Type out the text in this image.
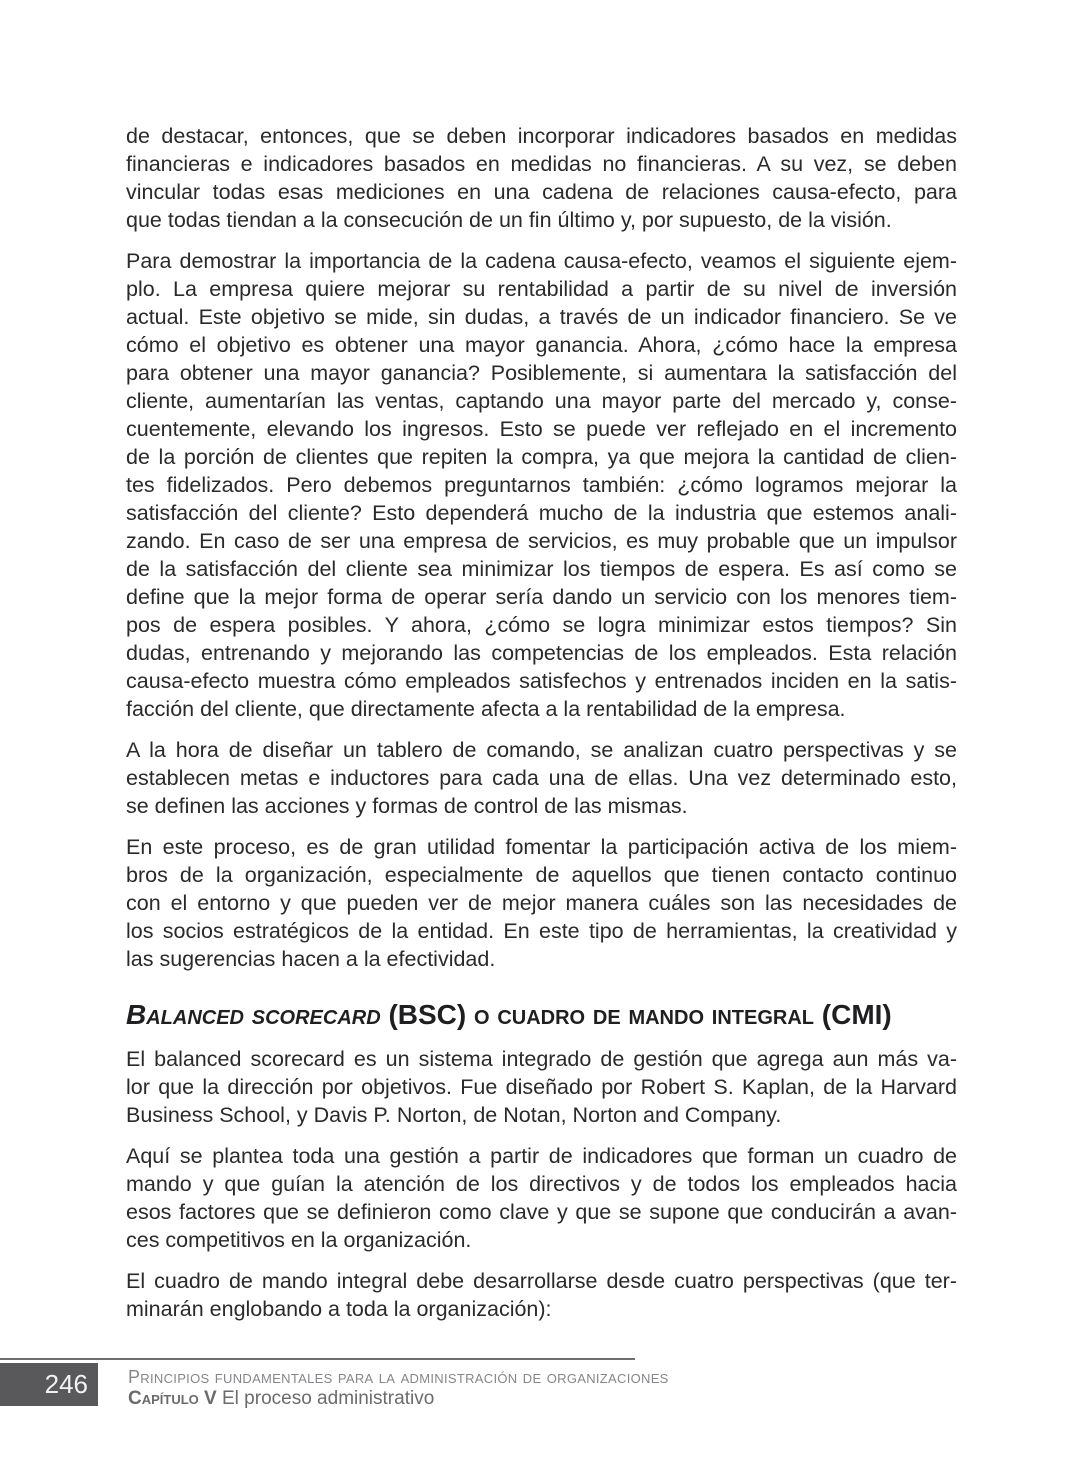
de destacar, entonces, que se deben incorporar indicadores basados en medidas
financieras e indicadores basados en medidas no financieras. A su vez, se deben
vincular todas esas mediciones en una cadena de relaciones causa-efecto, para
que todas tiendan a la consecución de un fin último y, por supuesto, de la visión.
Para demostrar la importancia de la cadena causa-efecto, veamos el siguiente ejem-
plo. La empresa quiere mejorar su rentabilidad a partir de su nivel de inversión
actual. Este objetivo se mide, sin dudas, a través de un indicador financiero. Se ve
cómo el objetivo es obtener una mayor ganancia. Ahora, ¿cómo hace la empresa
para obtener una mayor ganancia? Posiblemente, si aumentara la satisfacción del
cliente, aumentarían las ventas, captando una mayor parte del mercado y, conse-
cuentemente, elevando los ingresos. Esto se puede ver reflejado en el incremento
de la porción de clientes que repiten la compra, ya que mejora la cantidad de clien-
tes fidelizados. Pero debemos preguntarnos también: ¿cómo logramos mejorar la
satisfacción del cliente? Esto dependerá mucho de la industria que estemos anali-
zando. En caso de ser una empresa de servicios, es muy probable que un impulsor
de la satisfacción del cliente sea minimizar los tiempos de espera. Es así como se
define que la mejor forma de operar sería dando un servicio con los menores tiem-
pos de espera posibles. Y ahora, ¿cómo se logra minimizar estos tiempos? Sin
dudas, entrenando y mejorando las competencias de los empleados. Esta relación
causa-efecto muestra cómo empleados satisfechos y entrenados inciden en la satis-
facción del cliente, que directamente afecta a la rentabilidad de la empresa.
A la hora de diseñar un tablero de comando, se analizan cuatro perspectivas y se
establecen metas e inductores para cada una de ellas. Una vez determinado esto,
se definen las acciones y formas de control de las mismas.
En este proceso, es de gran utilidad fomentar la participación activa de los miem-
bros de la organización, especialmente de aquellos que tienen contacto continuo
con el entorno y que pueden ver de mejor manera cuáles son las necesidades de
los socios estratégicos de la entidad. En este tipo de herramientas, la creatividad y
las sugerencias hacen a la efectividad.
Balanced scorecard (BSC) o cuadro de mando integral (CMI)
El balanced scorecard es un sistema integrado de gestión que agrega aun más va-
lor que la dirección por objetivos. Fue diseñado por Robert S. Kaplan, de la Harvard
Business School, y Davis P. Norton, de Notan, Norton and Company.
Aquí se plantea toda una gestión a partir de indicadores que forman un cuadro de
mando y que guían la atención de los directivos y de todos los empleados hacia
esos factores que se definieron como clave y que se supone que conducirán a avan-
ces competitivos en la organización.
El cuadro de mando integral debe desarrollarse desde cuatro perspectivas (que ter-
minarán englobando a toda la organización):
246 Principios fundamentales para la administración de organizaciones
Capítulo V El proceso administrativo
